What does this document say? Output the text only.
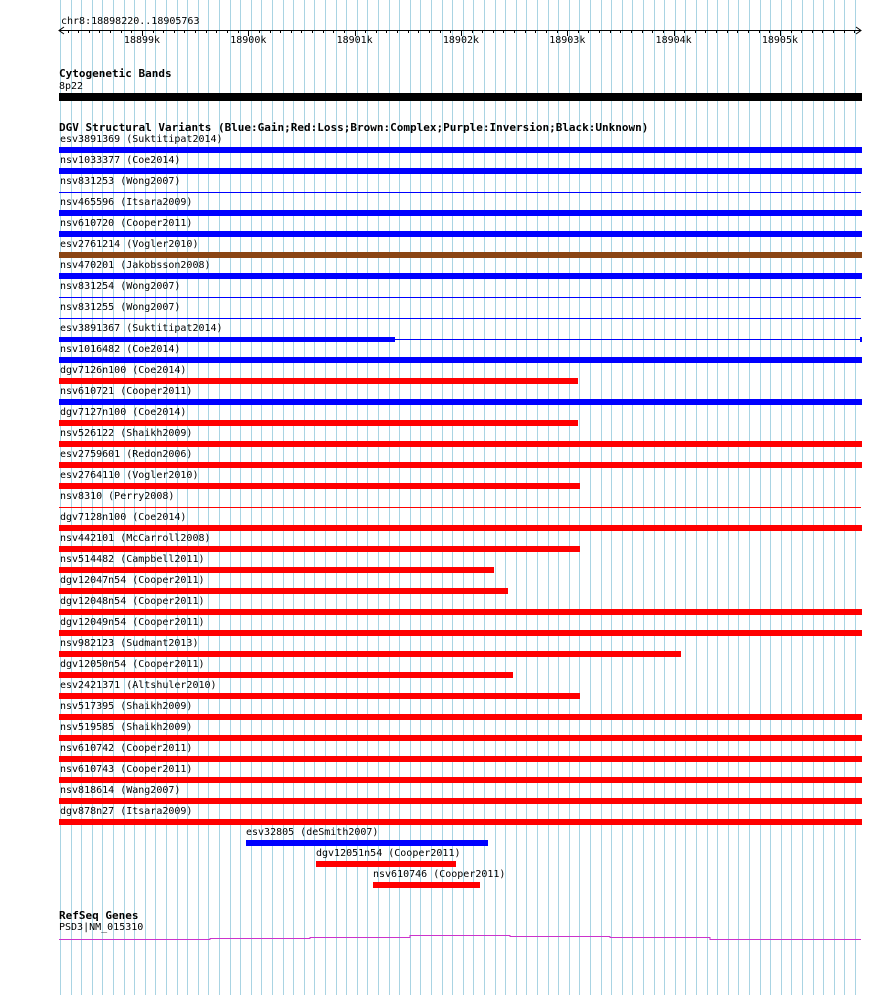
chr8:18898220..18905763
18899k	18900k	18901k	18902k	18903k	18904k	18905k
Cytogenetic Bands
8p22
DGV Structural Variants (Blue:Gain;Red:Loss;Brown:Complex;Purple:Inversion;Black:Unknown)
esv3891369 (Suktitipat2014)
nsv1033377 (Coe2014)
nsv831253 (Wong2007)
nsv465596 (Itsara2009)
nsv610720 (Cooper2011)
esv2761214 (Vogler2010)
nsv470201 (Jakobsson2008)
nsv831254 (Wong2007)
nsv831255 (Wong2007)
esv3891367 (Suktitipat2014)
nsv1016482 (Coe2014)
dgv7126n100 (Coe2014)
nsv610721 (Cooper2011)
dgv7127n100 (Coe2014)
nsv526122 (Shaikh2009)
esv2759601 (Redon2006)
esv2764110 (Vogler2010)
nsv8310 (Perry2008)
dgv7128n100 (Coe2014)
nsv442101 (McCarroll2008)
nsv514482 (Campbell2011)
dgv12047n54 (Cooper2011)
dgv12048n54 (Cooper2011)
dgv12049n54 (Cooper2011)
nsv982123 (Sudmant2013)
dgv12050n54 (Cooper2011)
esv2421371 (Altshuler2010)
nsv517395 (Shaikh2009)
nsv519585 (Shaikh2009)
nsv610742 (Cooper2011)
nsv610743 (Cooper2011)
nsv818614 (Wang2007)
dgv878n27 (Itsara2009)
esv32805 (deSmith2007)
dgv12051n54 (Cooper2011)
nsv610746 (Cooper2011)
RefSeq Genes
PSD3|NM_015310
